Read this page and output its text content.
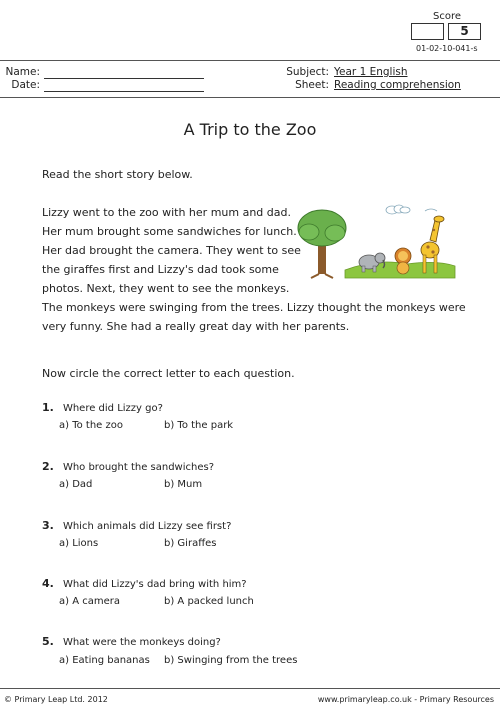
Score
5
01-02-10-041-s
Name:
Date:
Subject: Year 1 English
Sheet: Reading comprehension
A Trip to the Zoo
Read the short story below.
Lizzy went to the zoo with her mum and dad.
Her mum brought some sandwiches for lunch.
Her dad brought the camera. They went to see
the giraffes first and Lizzy's dad took some
photos. Next, they went to see the monkeys.
The monkeys were swinging from the trees. Lizzy thought the monkeys were
very funny. She had a really great day with her parents.
Now circle the correct letter to each question.
1. Where did Lizzy go?
a) To the zoo	b) To the park
2. Who brought the sandwiches?
a) Dad	b) Mum
3. Which animals did Lizzy see first?
a) Lions	b) Giraffes
4. What did Lizzy's dad bring with him?
a) A camera	b) A packed lunch
5. What were the monkeys doing?
a) Eating bananas b) Swinging from the trees
© Primary Leap Ltd. 2012	www.primaryleap.co.uk - Primary Resources
